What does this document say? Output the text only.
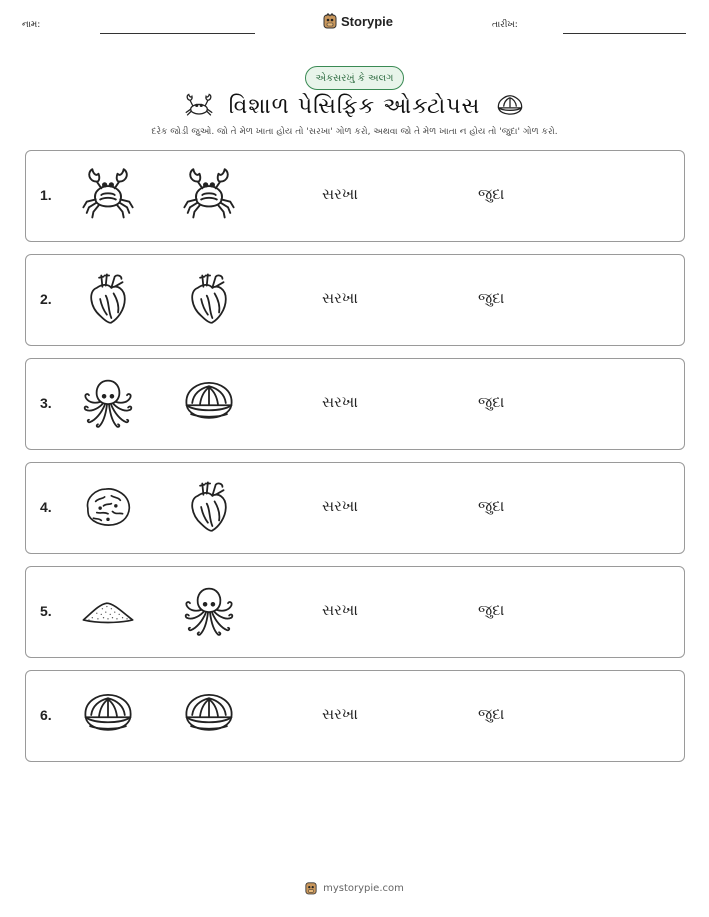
નામ:	Storypie	તારીખ:
એકસરખું કે અલગ
વિશાળ પેસિફિક ઓક્ટોપસ
દરેક જોડી જુઓ. જો તે મેળ ખાતા હોય તો 'સરખા' ગોળ કરો, અથવા જો તે મેળ ખાતા ન હોય તો 'જુદા' ગોળ કરો.
1.	સરખા	જુદા
2.	સરખા	જુદા
3.	સરખા	જુદા
4.	સરખા	જુદા
5.	સરખા	જુદા
6.	સરખા	જુદા
mystorypie.com
